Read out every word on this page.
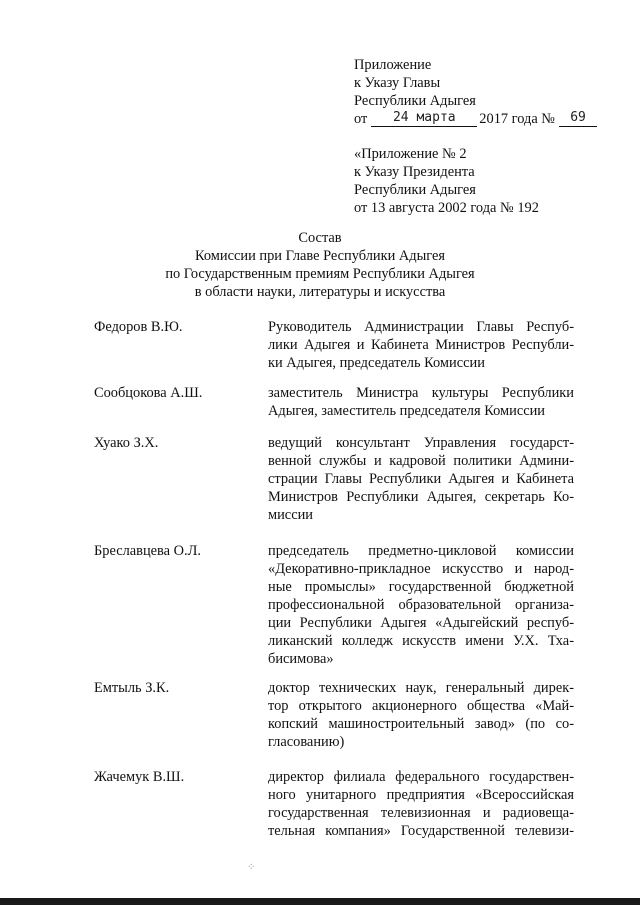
Приложение
к Указу Главы
Республики Адыгея
от	24 марта	2017 года №	69
«Приложение № 2
к Указу Президента
Республики Адыгея
от 13 августа 2002 года № 192
Состав
Комиссии при Главе Республики Адыгея
по Государственным премиям Республики Адыгея
в области науки, литературы и искусства
Федоров В.Ю.	Руководитель Администрации Главы Респуб-
лики Адыгея и Кабинета Министров Республи-
ки Адыгея, председатель Комиссии
Сообцокова А.Ш.	заместитель Министра культуры Республики
Адыгея, заместитель председателя Комиссии
Хуако З.Х.	ведущий консультант Управления государст-
венной службы и кадровой политики Админи-
страции Главы Республики Адыгея и Кабинета
Министров Республики Адыгея, секретарь Ко-
миссии
Бреславцева О.Л.	председатель предметно-цикловой комиссии
«Декоративно-прикладное искусство и народ-
ные промыслы» государственной бюджетной
профессиональной образовательной организа-
ции Республики Адыгея «Адыгейский респуб-
ликанский колледж искусств имени У.Х. Тха-
бисимова»
Емтыль З.К.	доктор технических наук, генеральный дирек-
тор открытого акционерного общества «Май-
копский машиностроительный завод» (по со-
гласованию)
Жачемук В.Ш.	директор филиала федерального государствен-
ного унитарного предприятия «Всероссийская
государственная телевизионная и радиовеща-
тельная компания» Государственной телевизи-
⁘
